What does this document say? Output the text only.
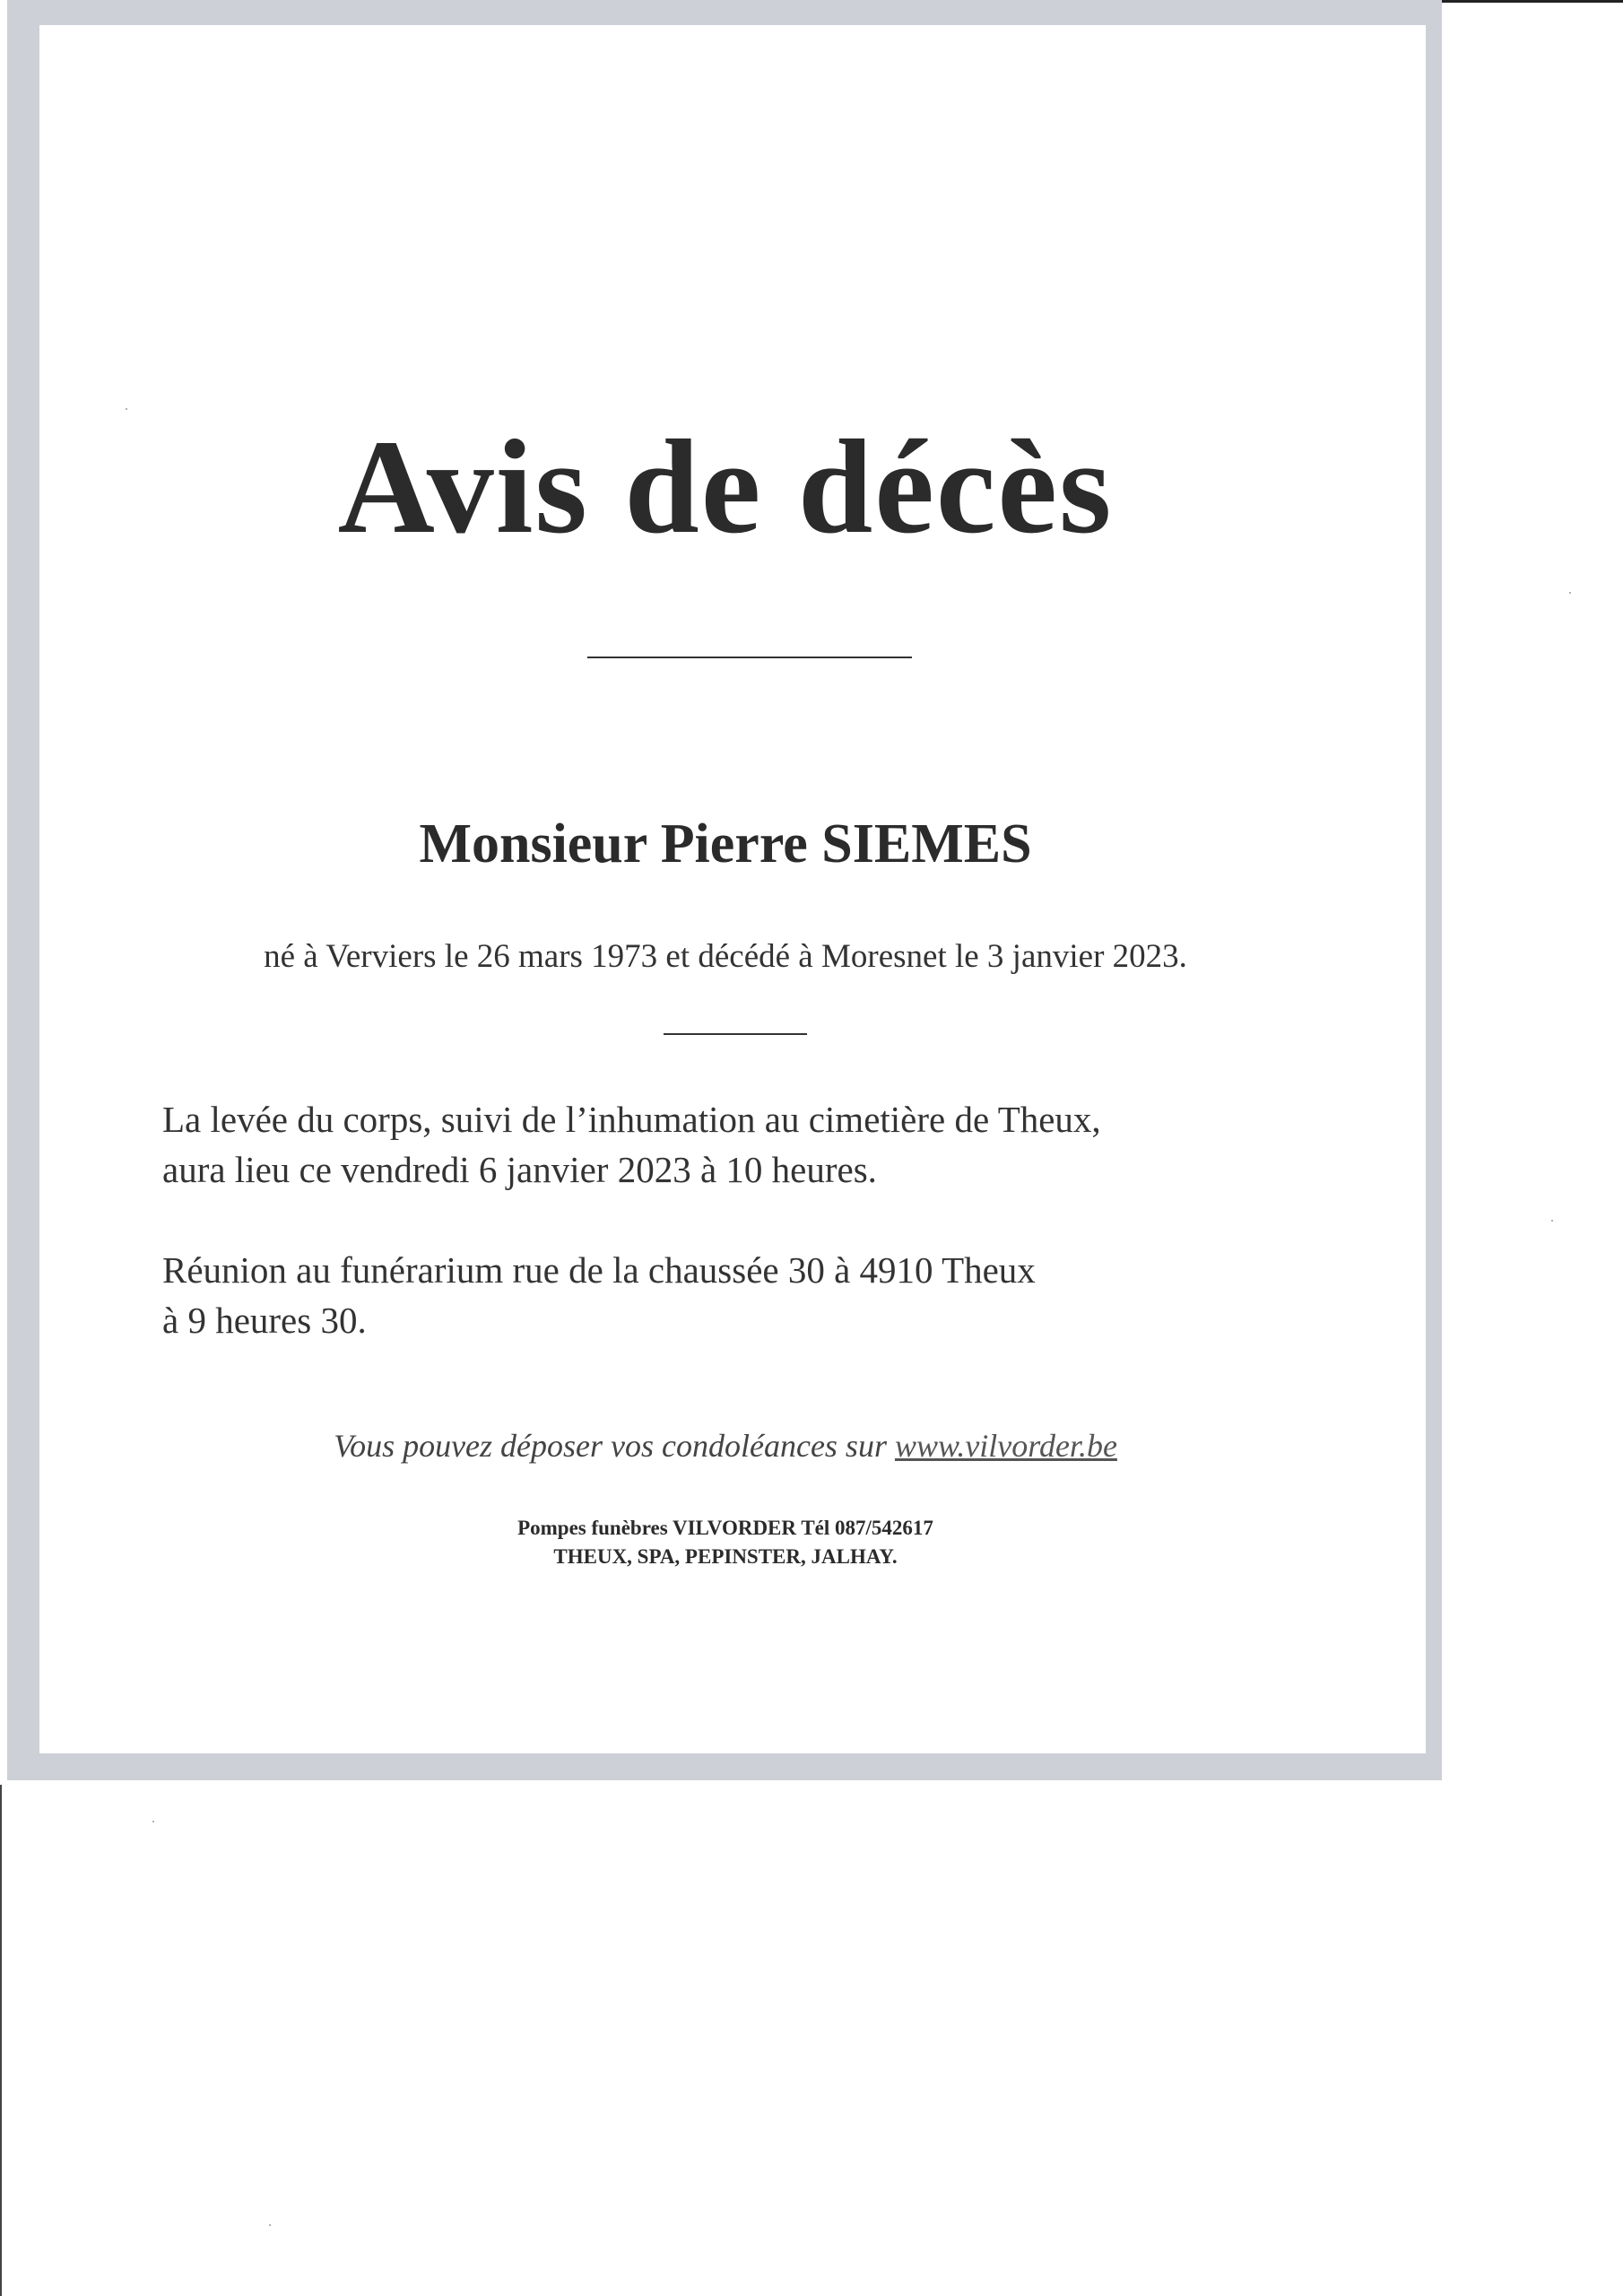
Avis de décès
Monsieur Pierre SIEMES

né à Verviers le 26 mars 1973 et décédé à Moresnet le 3 janvier 2023.

La levée du corps, suivi de l’inhumation au cimetière de Theux,
aura lieu ce vendredi 6 janvier 2023 à 10 heures.

Réunion au funérarium rue de la chaussée 30 à 4910 Theux
à 9 heures 30.

Vous pouvez déposer vos condoléances sur www.vilvorder.be

Pompes funèbres VILVORDER Tél 087/542617
THEUX, SPA, PEPINSTER, JALHAY.
